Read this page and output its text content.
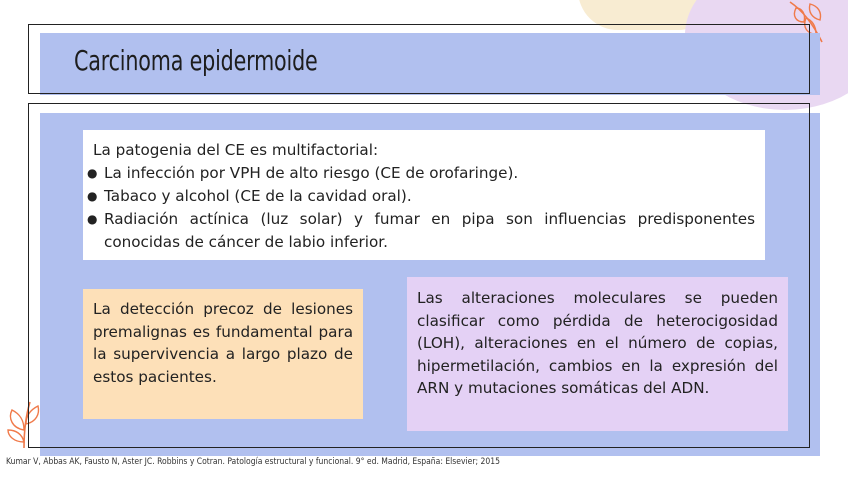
Carcinoma epidermoide

La patogenia del CE es multifactorial:

● La infección por VPH de alto riesgo (CE de orofaringe).
● Tabaco y alcohol (CE de la cavidad oral).
● Radiación actínica (luz solar) y fumar en pipa son influencias predisponentes conocidas de cáncer de labio inferior.

La detección precoz de lesiones premalignas es fundamental para la supervivencia a largo plazo de estos pacientes.

Las alteraciones moleculares se pueden clasificar como pérdida de heterocigosidad (LOH), alteraciones en el número de copias, hipermetilación, cambios en la expresión del ARN y mutaciones somáticas del ADN.

Kumar V, Abbas AK, Fausto N, Aster JC. Robbins y Cotran. Patología estructural y funcional. 9° ed. Madrid, España: Elsevier; 2015
